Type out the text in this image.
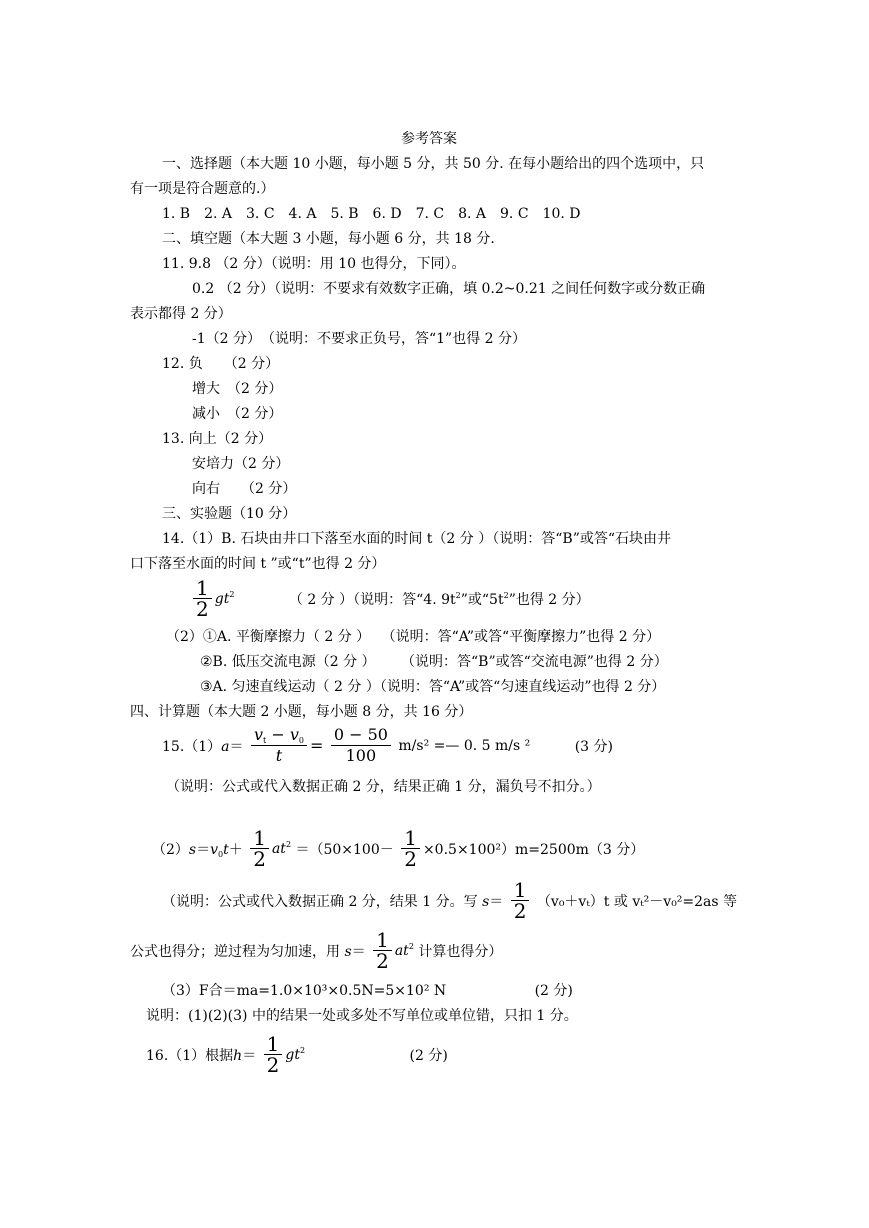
参考答案
一、选择题（本大题 10 小题，每小题 5 分，共 50 分. 在每小题给出的四个选项中，只
有一项是符合题意的.）
1. B　2. A　3. C　4. A　5. B　6. D　7. C　8. A　9. C　10. D
二、填空题（本大题 3 小题，每小题 6 分，共 18 分.
11. 9.8 （2 分）（说明：用 10 也得分，下同）。
0.2 （2 分）（说明：不要求有效数字正确，填 0.2~0.21 之间任何数字或分数正确
表示都得 2 分）
-1（2 分）　（说明：不要求正负号，答“1”也得 2 分）
12. 负　　（2 分）
增大　（2 分）
减小　（2 分）
13. 向上（2 分）
安培力（2 分）
向右　　（2 分）
三、实验题（10 分）
14.（1）B. 石块由井口下落至水面的时间 t（2 分 ）（说明：答“B”或答“石块由井
口下落至水面的时间 t ”或“t”也得 2 分）
$\frac{1}{2} gt^2$	（ 2 分 ）（说明：答“4. $9t^2$”或“$5t^2$”也得 2 分）
（2）①A. 平衡摩擦力（ 2 分 ）　 （说明：答“A”或答“平衡摩擦力”也得 2 分）
②B. 低压交流电源（2 分 ）　　 （说明：答“B”或答“交流电源”也得 2 分）
③A. 匀速直线运动（ 2 分 ）（说明：答“A”或答“匀速直线运动”也得 2 分）
四、计算题（本大题 2 小题，每小题 8 分，共 16 分）
$15.(1)a= \frac{v_t - v_0}{t} = \frac{0 - 50}{100} m/s^2$ =— 0. 5 m/s ²	(3 分)
（说明：公式或代入数据正确 2 分，结果正确 1 分，漏负号不扣分。）
$(2)s=v_0t+ \frac{1}{2} at^2 =(50\times 100- \frac{1}{2} \times 0.5\times 100^2)m=2500m(3$ 分）
（说明：公式或代入数据正确 2 分，结果 1 分。写 $s= \frac{1}{2} (v_0+v_t)t$ 或 vₜ²－v₀²=2as 等
公式也得分；逆过程为匀加速，用 $s= \frac{1}{2} at^2$ 计算也得分）
（3）F合＝ma=1.0×10³×0.5N=5×10² N　　　　　　 (2 分)
说明：(1)(2)(3) 中的结果一处或多处不写单位或单位错，只扣 1 分。
16.（1）根据$h= \frac{1}{2} gt^2$	(2 分)
